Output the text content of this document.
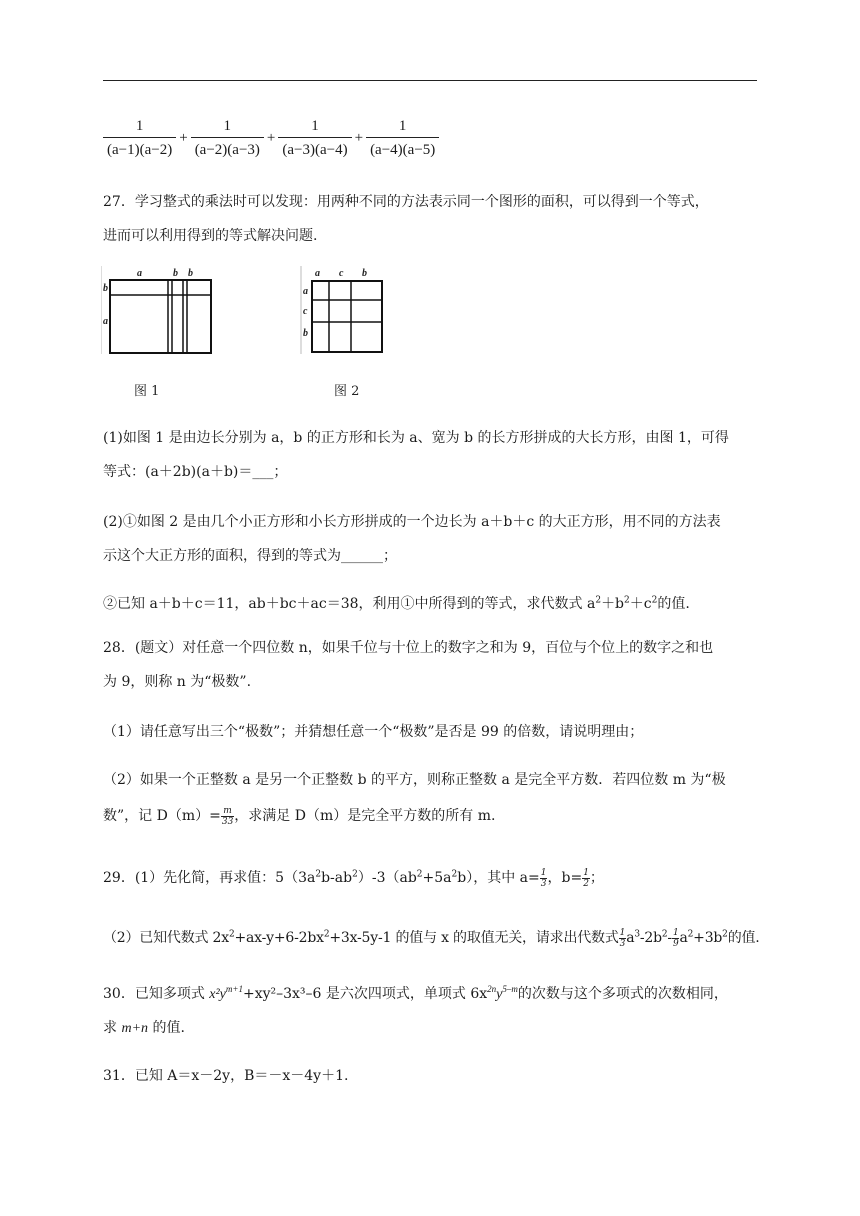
$\frac{1}{(a-1)(a-2)} + \frac{1}{(a-2)(a-3)} + \frac{1}{(a-3)(a-4)} + \frac{1}{(a-4)(a-5)}$
27．学习整式的乘法时可以发现：用两种不同的方法表示同一个图形的面积，可以得到一个等式，
进而可以利用得到的等式解决问题.
a	b b
b
a
图 1
a c b
a
c
b
图 2
(1)如图 1 是由边长分别为 a，b 的正方形和长为 a、宽为 b 的长方形拼成的大长方形，由图 1，可得
等式：(a＋2b)(a＋b)＝___；
(2)①如图 2 是由几个小正方形和小长方形拼成的一个边长为 a＋b＋c 的大正方形，用不同的方法表
示这个大正方形的面积，得到的等式为______；
②已知 a＋b＋c＝11，ab＋bc＋ac＝38，利用①中所得到的等式，求代数式 $a^2+b^2+c^2$的值.
28．(题文）对任意一个四位数 n，如果千位与十位上的数字之和为 9，百位与个位上的数字之和也
为 9，则称 n 为“极数”.
（1）请任意写出三个“极数”；并猜想任意一个“极数”是否是 99 的倍数，请说明理由；
（2）如果一个正整数 a 是另一个正整数 b 的平方，则称正整数 a 是完全平方数．若四位数 m 为“极
数”，记 $D(m)= \frac{m}{33}$ ，求满足 D（m）是完全平方数的所有 m.
29．(1）先化简，再求值：$5(3a^2b-ab^2)-3(ab^2+5a^2b)$，其中 $a= \frac{1}{3}$ ，$b= \frac{1}{2}$ ；
（2）已知代数式 $2x^2+ax-y+6-2bx^2+3x-5y-1$ 的值与 x 的取值无关，请求出代数式 $\frac{1}{3} a^3-2b^2- \frac{1}{9} a^2+3b^2$的值.
30．已知多项式 $x^2y^{m+1}+xy^2-3x^3-6$ 是六次四项式，单项式 $6x^{2n}y^{5-m}$的次数与这个多项式的次数相同，
求 m+n 的值.
31．已知 A＝x－2y，B＝－x－4y＋1.
